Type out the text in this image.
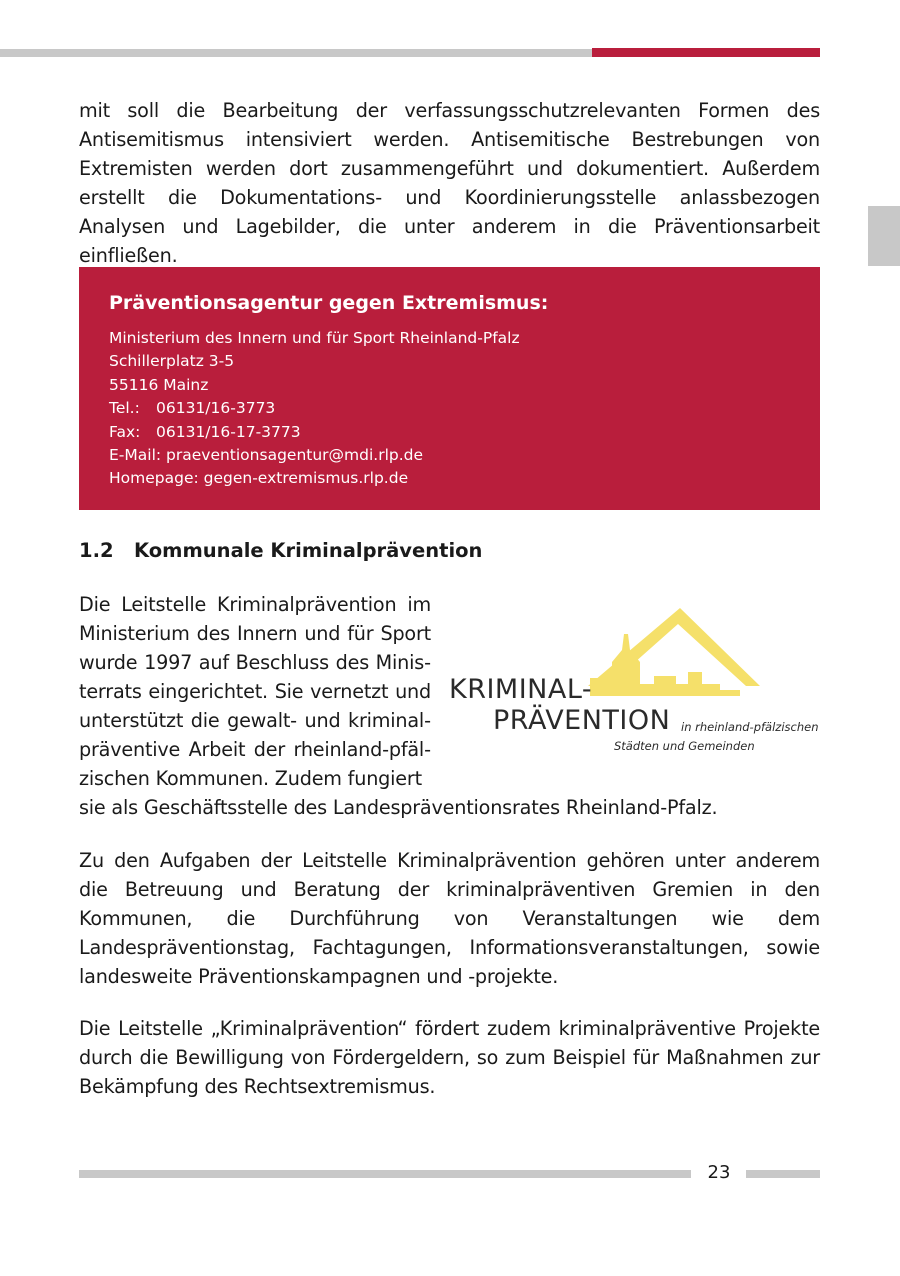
mit soll die Bearbeitung der verfassungsschutzrelevanten Formen des Antisemitismus intensiviert werden. Antisemitische Bestrebungen von Extremisten werden dort zusammengeführt und dokumentiert. Außerdem erstellt die Dokumentations- und Koordinierungsstelle anlassbezogen Analysen und Lagebilder, die unter anderem in die Präventionsarbeit einfließen.

Präventionsagentur gegen Extremismus:

Ministerium des Innern und für Sport Rheinland-Pfalz

Schillerplatz 3-5

55116 Mainz

Tel.: 06131/16-3773

Fax: 06131/16-17-3773

E-Mail: praeventionsagentur@mdi.rlp.de

Homepage: gegen-extremismus.rlp.de

1.2 Kommunale Kriminalprävention

Die Leitstelle Kriminalprävention im Ministerium des Innern und für Sport wurde 1997 auf Beschluss des Ministerrats eingerichtet. Sie vernetzt und unterstützt die gewalt- und kriminalpräventive Arbeit der rheinland-pfälzischen Kommunen. Zudem fungiert

sie als Geschäftsstelle des Landespräventionsrates Rheinland-Pfalz.

KRIMINAL-
PRÄVENTION in rheinland-pfälzischen
Städten und Gemeinden

Zu den Aufgaben der Leitstelle Kriminalprävention gehören unter anderem die Betreuung und Beratung der kriminalpräventiven Gremien in den Kommunen, die Durchführung von Veranstaltungen wie dem Landespräventionstag, Fachtagungen, Informationsveranstaltungen, sowie landesweite Präventionskampagnen und -projekte.

Die Leitstelle „Kriminalprävention“ fördert zudem kriminalpräventive Projekte durch die Bewilligung von Fördergeldern, so zum Beispiel für Maßnahmen zur Bekämpfung des Rechtsextremismus.

23
